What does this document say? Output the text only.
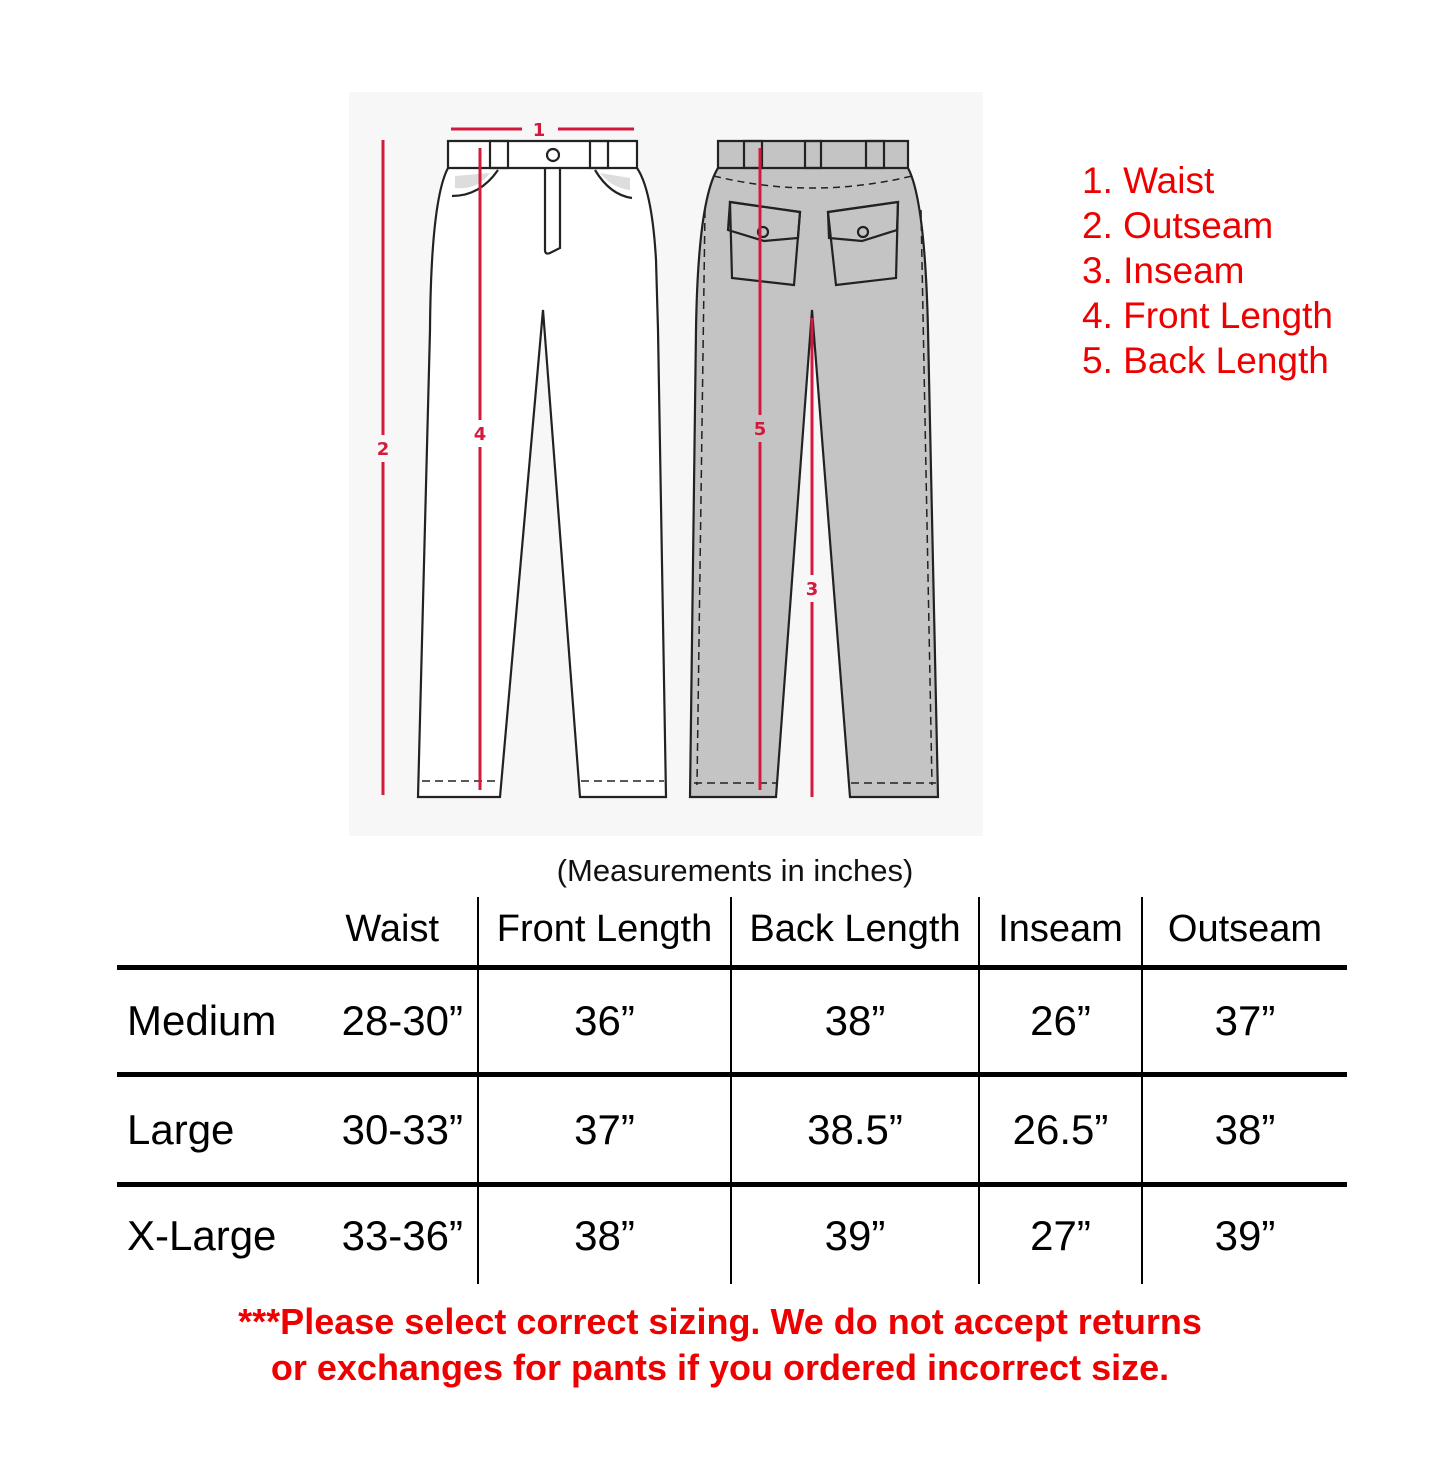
1
2
4	5
3
1. Waist
2. Outseam
3. Inseam
4. Front Length
5. Back Length
(Measurements in inches)
	Waist	Front Length	Back Length	Inseam	Outseam
Medium	28-30”	36”	38”	26”	37”
Large	30-33”	37”	38.5”	26.5”	38”
X-Large	33-36”	38”	39”	27”	39”

***Please select correct sizing. We do not accept returns
or exchanges for pants if you ordered incorrect size.
